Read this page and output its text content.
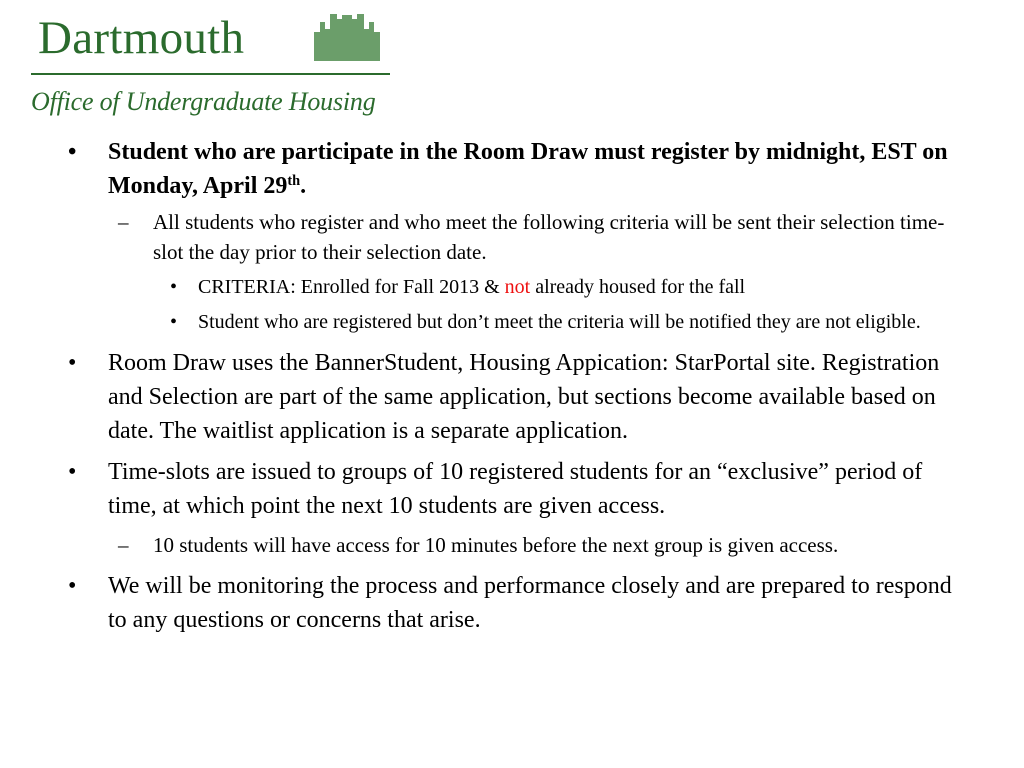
Dartmouth

Office of Undergraduate Housing

• Student who are participate in the Room Draw must register by midnight, EST on Monday, April 29th.
– All students who register and who meet the following criteria will be sent their selection time-slot the day prior to their selection date.
• CRITERIA: Enrolled for Fall 2013 & not already housed for the fall
• Student who are registered but don’t meet the criteria will be notified they are not eligible.
• Room Draw uses the BannerStudent, Housing Appication: StarPortal site. Registration and Selection are part of the same application, but sections become available based on date. The waitlist application is a separate application.
• Time-slots are issued to groups of 10 registered students for an “exclusive” period of time, at which point the next 10 students are given access.
– 10 students will have access for 10 minutes before the next group is given access.
• We will be monitoring the process and performance closely and are prepared to respond to any questions or concerns that arise.
